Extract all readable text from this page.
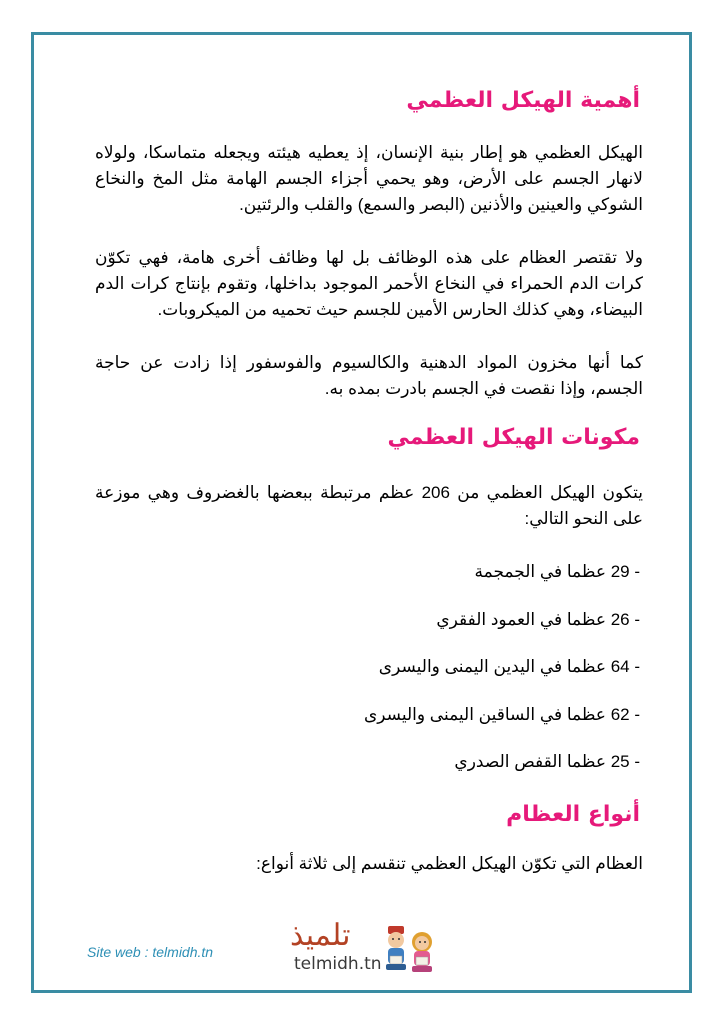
أهمية الهيكل العظمي

الهيكل العظمي هو إطار بنية الإنسان، إذ يعطيه هيئته ويجعله متماسكا، ولولاه لانهار الجسم على الأرض، وهو يحمي أجزاء الجسم الهامة مثل المخ والنخاع الشوكي والعينين والأذنين (البصر والسمع) والقلب والرئتين.

ولا تقتصر العظام على هذه الوظائف بل لها وظائف أخرى هامة، فهي تكوّن كرات الدم الحمراء في النخاع الأحمر الموجود بداخلها، وتقوم بإنتاج كرات الدم البيضاء، وهي كذلك الحارس الأمين للجسم حيث تحميه من الميكروبات.

كما أنها مخزون المواد الدهنية والكالسيوم والفوسفور إذا زادت عن حاجة الجسم، وإذا نقصت في الجسم بادرت بمده به.

مكونات الهيكل العظمي

يتكون الهيكل العظمي من 206 عظم مرتبطة ببعضها بالغضروف وهي موزعة على النحو التالي:

- 29 عظما في الجمجمة
- 26 عظما في العمود الفقري
- 64 عظما في اليدين اليمنى واليسرى
- 62 عظما في الساقين اليمنى واليسرى
- 25 عظما القفص الصدري
أنواع العظام

العظام التي تكوّن الهيكل العظمي تنقسم إلى ثلاثة أنواع:

Site web : telmidh.tn	تلميذ
telmidh.tn
